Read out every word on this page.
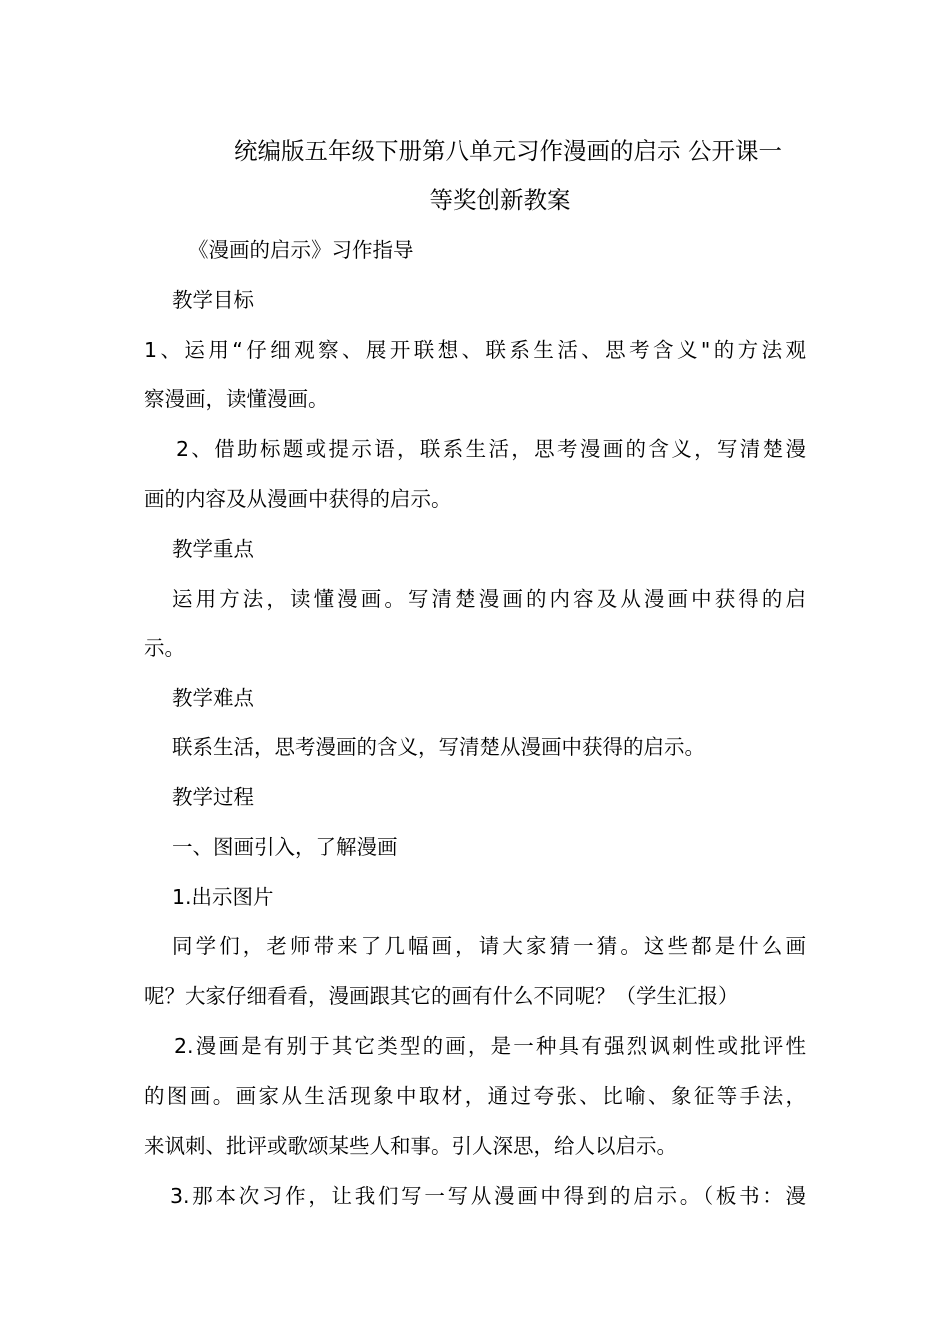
统编版五年级下册第八单元习作漫画的启示 公开课一
等奖创新教案
《漫画的启示》习作指导
教学目标
1、运用“仔细观察、展开联想、联系生活、思考含义"的方法观
察漫画，读懂漫画。
2、借助标题或提示语，联系生活，思考漫画的含义，写清楚漫
画的内容及从漫画中获得的启示。
教学重点
运用方法，读懂漫画。写清楚漫画的内容及从漫画中获得的启
示。
教学难点
联系生活，思考漫画的含义，写清楚从漫画中获得的启示。
教学过程
一、图画引入，了解漫画
1.出示图片
同学们，老师带来了几幅画，请大家猜一猜。这些都是什么画
呢？大家仔细看看，漫画跟其它的画有什么不同呢？（学生汇报）
2.漫画是有别于其它类型的画，是一种具有强烈讽刺性或批评性
的图画。画家从生活现象中取材，通过夸张、比喻、象征等手法，
来讽刺、批评或歌颂某些人和事。引人深思，给人以启示。
3.那本次习作，让我们写一写从漫画中得到的启示。（板书：漫
